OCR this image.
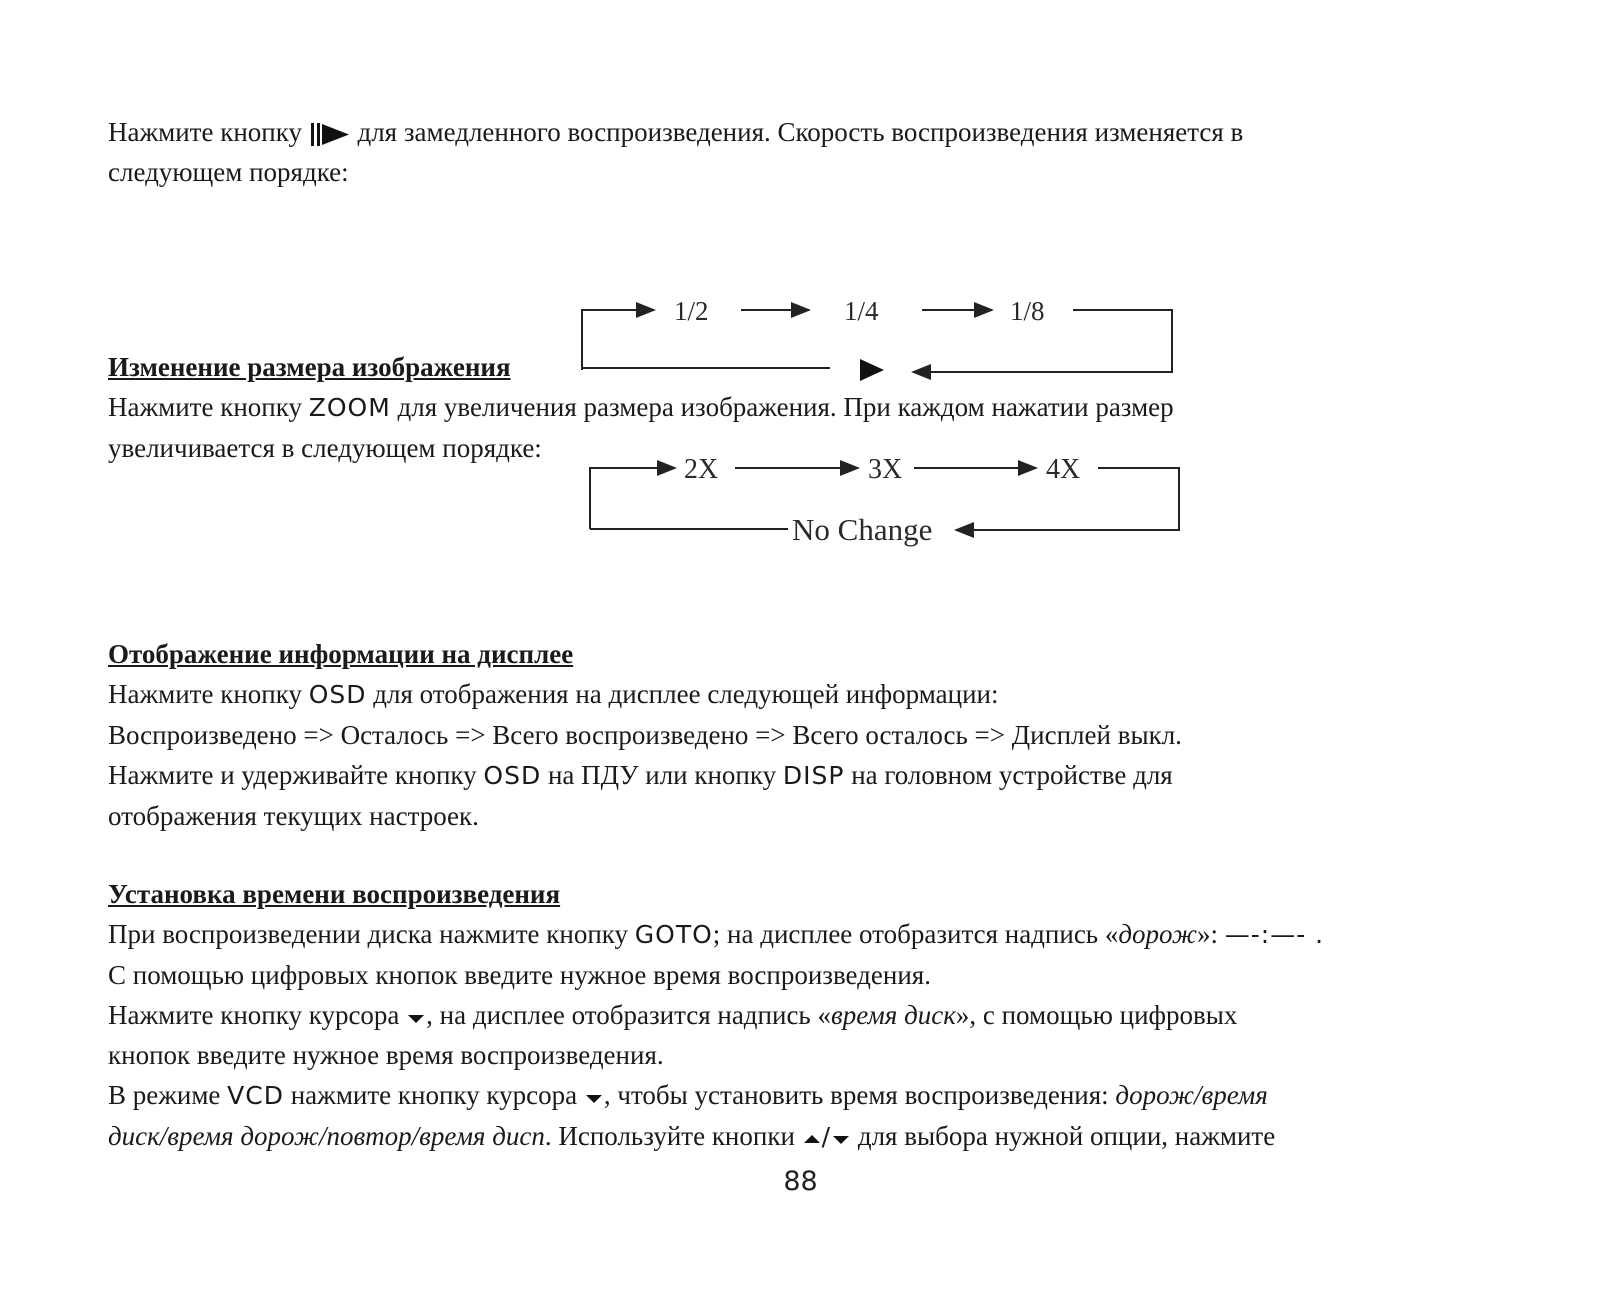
Нажмите кнопку для замедленного воспроизведения. Скорость воспроизведения изменяется в

следующем порядке:

1/2	1/4	1/8
Изменение размера изображения

Нажмите кнопку ZOOM для увеличения размера изображения. При каждом нажатии размер

увеличивается в следующем порядке:

2X	3X	4X
No Change
Отображение информации на дисплее

Нажмите кнопку OSD для отображения на дисплее следующей информации:

Воспроизведено => Осталось => Всего воспроизведено => Всего осталось => Дисплей выкл.

Нажмите и удерживайте кнопку OSD на ПДУ или кнопку DISP на головном устройстве для

отображения текущих настроек.

Установка времени воспроизведения

При воспроизведении диска нажмите кнопку GOTO; на дисплее отобразится надпись «дорож»: —-:—- .

С помощью цифровых кнопок введите нужное время воспроизведения.

Нажмите кнопку курсора , на дисплее отобразится надпись «время диск», с помощью цифровых

кнопок введите нужное время воспроизведения.

В режиме VCD нажмите кнопку курсора , чтобы установить время воспроизведения: дорож/время

диск/время дорож/повтор/время дисп. Используйте кнопки / для выбора нужной опции, нажмите

88
